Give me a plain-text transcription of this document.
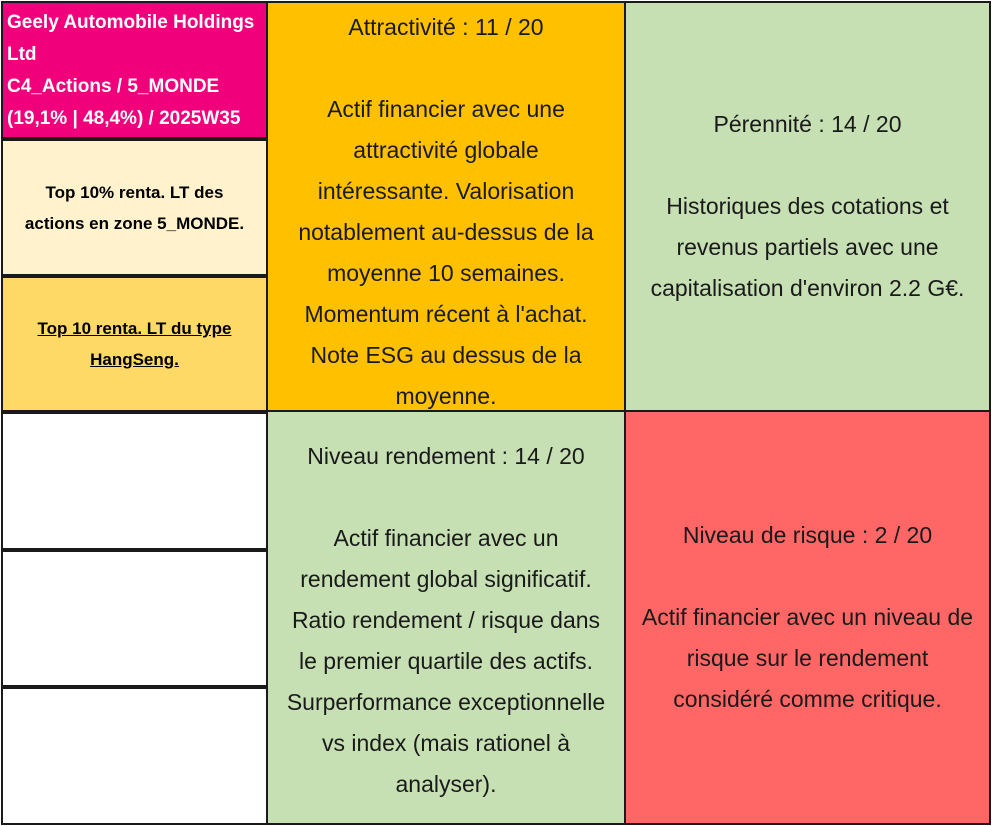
Geely Automobile Holdings
Ltd
C4_Actions / 5_MONDE
(19,1% | 48,4%) / 2025W35
Top 10% renta. LT des
actions en zone 5_MONDE.
Top 10 renta. LT du type
HangSeng.
Attractivité : 11 / 20
Actif financier avec une
attractivité globale
intéressante. Valorisation
notablement au-dessus de la
moyenne 10 semaines.
Momentum récent à l'achat.
Note ESG au dessus de la
moyenne.
Pérennité : 14 / 20
Historiques des cotations et
revenus partiels avec une
capitalisation d'environ 2.2 G€.
Niveau rendement : 14 / 20
Actif financier avec un
rendement global significatif.
Ratio rendement / risque dans
le premier quartile des actifs.
Surperformance exceptionnelle
vs index (mais rationel à
analyser).
Niveau de risque : 2 / 20
Actif financier avec un niveau de
risque sur le rendement
considéré comme critique.
